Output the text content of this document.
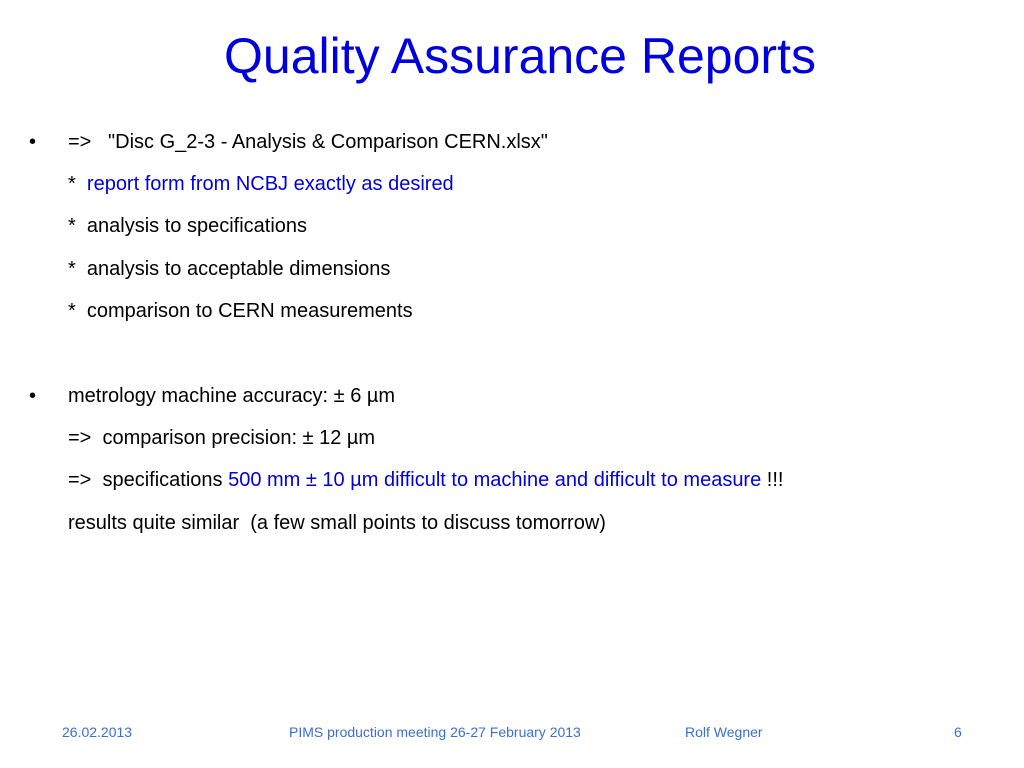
Quality Assurance Reports
• =>   "Disc G_2-3 - Analysis & Comparison CERN.xlsx"
*  report form from NCBJ exactly as desired
*  analysis to specifications
*  analysis to acceptable dimensions
*  comparison to CERN measurements
• metrology machine accuracy: ± 6 µm
=>  comparison precision: ± 12 µm
=>  specifications 500 mm ± 10 µm difficult to machine and difficult to measure !!!
results quite similar  (a few small points to discuss tomorrow)
26.02.2013	PIMS production meeting 26-27 February 2013	Rolf Wegner	6
